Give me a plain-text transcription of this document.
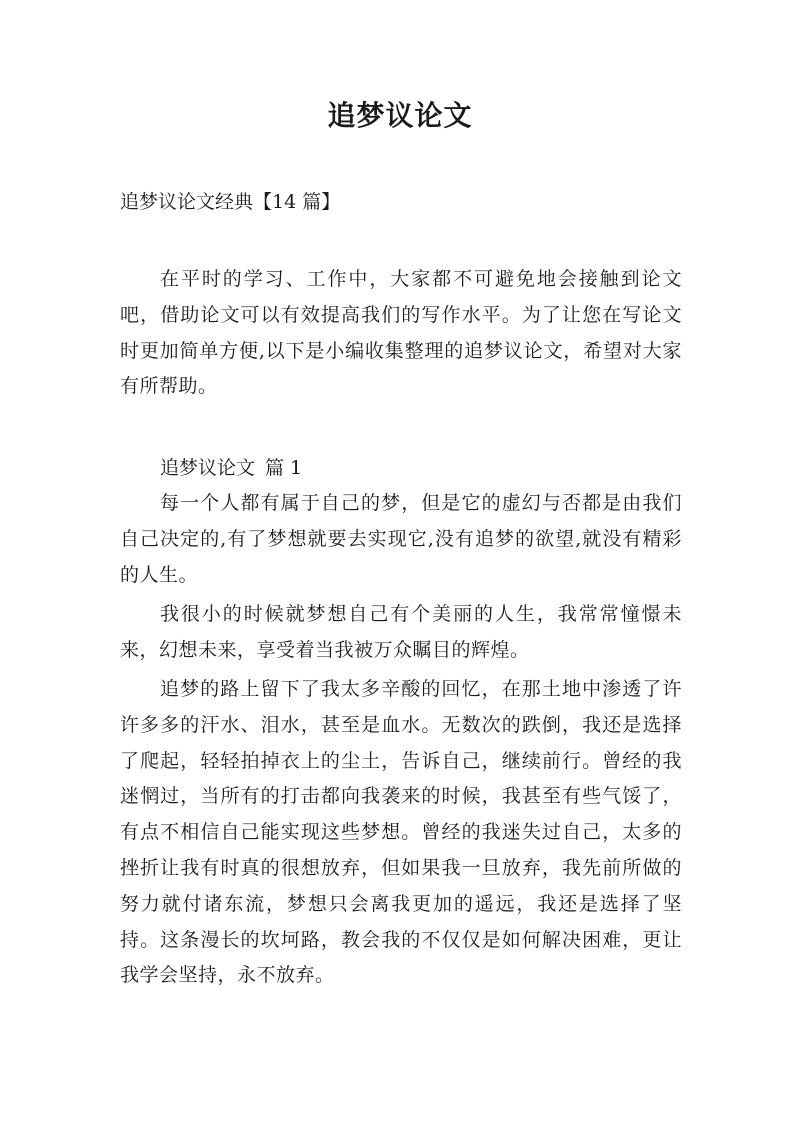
追梦议论文
追梦议论文经典【14 篇】

在平时的学习、工作中，大家都不可避免地会接触到论文吧，借助论文可以有效提高我们的写作水平。为了让您在写论文时更加简单方便,以下是小编收集整理的追梦议论文，希望对大家有所帮助。

追梦议论文 篇 1

每一个人都有属于自己的梦，但是它的虚幻与否都是由我们自己决定的,有了梦想就要去实现它,没有追梦的欲望,就没有精彩的人生。

我很小的时候就梦想自己有个美丽的人生，我常常憧憬未来，幻想未来，享受着当我被万众瞩目的辉煌。

追梦的路上留下了我太多辛酸的回忆，在那土地中渗透了许许多多的汗水、泪水，甚至是血水。无数次的跌倒，我还是选择了爬起，轻轻拍掉衣上的尘土，告诉自己，继续前行。曾经的我迷惘过，当所有的打击都向我袭来的时候，我甚至有些气馁了，有点不相信自己能实现这些梦想。曾经的我迷失过自己，太多的挫折让我有时真的很想放弃，但如果我一旦放弃，我先前所做的努力就付诸东流，梦想只会离我更加的遥远，我还是选择了坚持。这条漫长的坎坷路，教会我的不仅仅是如何解决困难，更让我学会坚持，永不放弃。
